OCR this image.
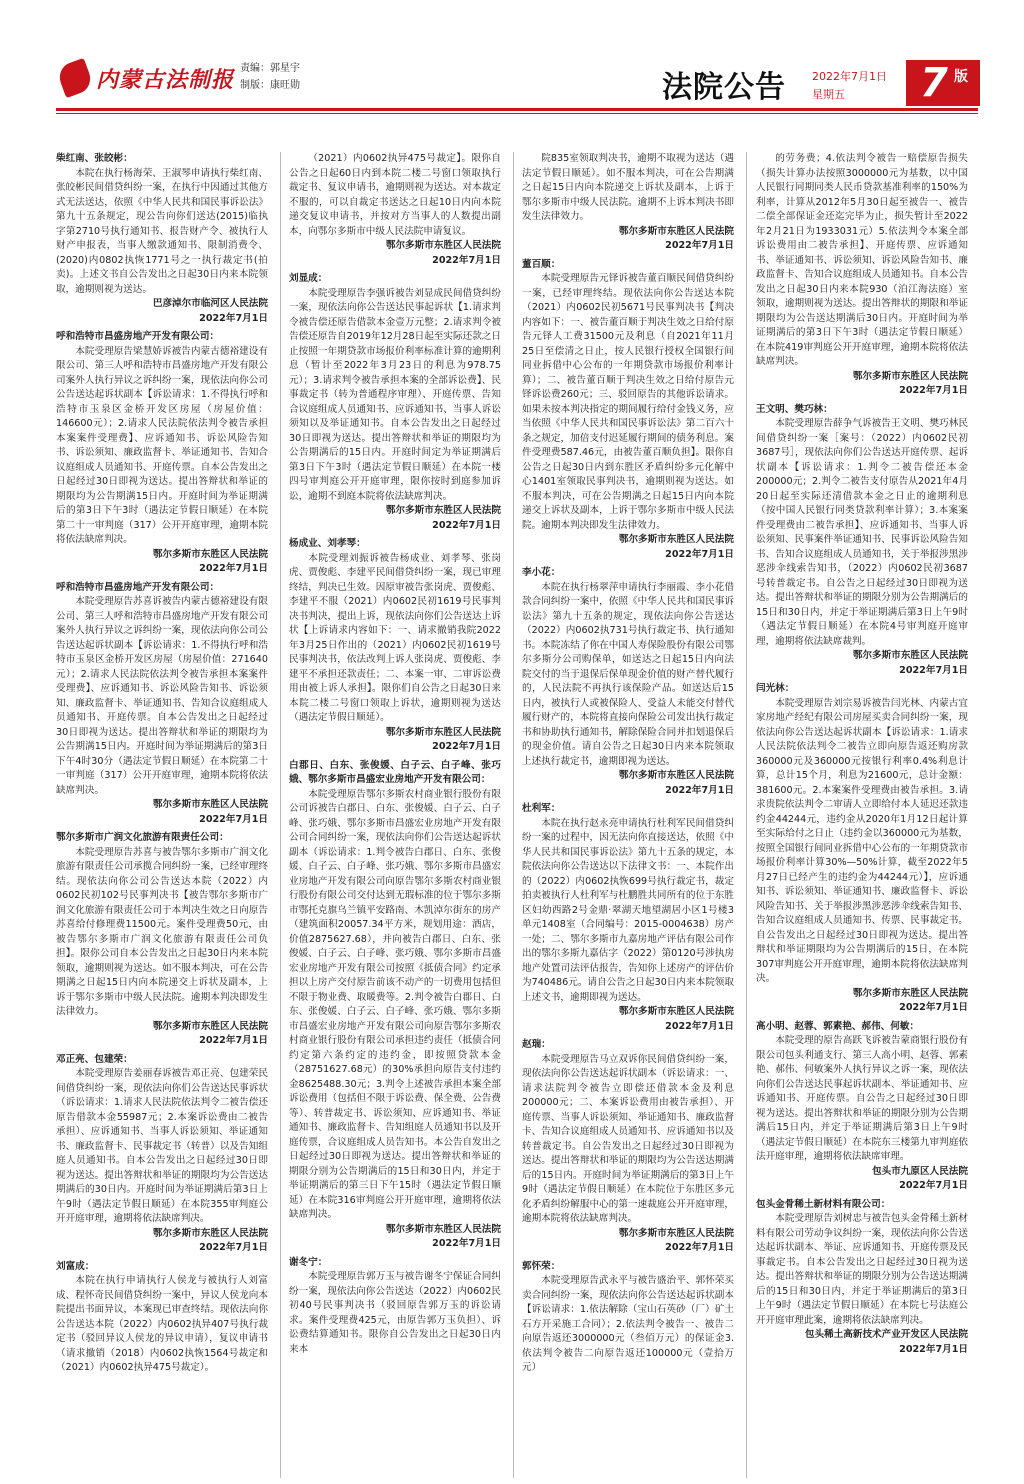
内蒙古法制报 责编：郭星宇
制版：康旺勋	法院公告 2022年7月1日
星期五	7 版
柴红南、张皎彬：
本院在执行杨海荣、王淑琴申请执行柴红南、张皎彬民间借贷纠纷一案，在执行中因通过其他方式无法送达，依照《中华人民共和国民事诉讼法》第九十五条规定，现公告向你们送达(2015)临执字第2710号执行通知书、报告财产令、被执行人财产申报表，当事人缴款通知书、限制消费令、(2020)内0802执恢1771号之一执行裁定书(拍卖)。上述文书自公告发出之日起30日内来本院领取，逾期则视为送达。
巴彦淖尔市临河区人民法院
2022年7月1日
呼和浩特市昌盛房地产开发有限公司：
本院受理原告梁慧娇诉被告内蒙古德裕建设有限公司、第三人呼和浩特市昌盛房地产开发有限公司案外人执行异议之诉纠纷一案，现依法向你公司公告送达起诉状副本【诉讼请求：1.不得执行呼和浩特市玉泉区金桥开发区房屋（房屋价值：146600元）；2.请求人民法院依法判令被告承担本案案件受理费】、应诉通知书、诉讼风险告知书、诉讼须知、廉政监督卡、举证通知书、告知合议庭组成人员通知书、开庭传票。自本公告发出之日起经过30日即视为送达。提出答辩状和举证的期限均为公告期满15日内。开庭时间为举证期满后的第3日下午3时（遇法定节假日顺延）在本院第二十一审判庭（317）公开开庭审理，逾期本院将依法缺席判决。
鄂尔多斯市东胜区人民法院
2022年7月1日
呼和浩特市昌盛房地产开发有限公司：
本院受理原告苏喜诉被告内蒙古德裕建设有限公司、第三人呼和浩特市昌盛房地产开发有限公司案外人执行异议之诉纠纷一案，现依法向你公司公告送达起诉状副本【诉讼请求：1.不得执行呼和浩特市玉泉区金桥开发区房屋（房屋价值：271640元）；2.请求人民法院依法判令被告承担本案案件受理费】、应诉通知书、诉讼风险告知书、诉讼须知、廉政监督卡、举证通知书、告知合议庭组成人员通知书、开庭传票。自本公告发出之日起经过30日即视为送达。提出答辩状和举证的期限均为公告期满15日内。开庭时间为举证期满后的第3日下午4时30分（遇法定节假日顺延）在本院第二十一审判庭（317）公开开庭审理，逾期本院将依法缺席判决。
鄂尔多斯市东胜区人民法院
2022年7月1日
鄂尔多斯市广润文化旅游有限责任公司：
本院受理原告苏喜与被告鄂尔多斯市广润文化旅游有限责任公司承揽合同纠纷一案，已经审理终结。现依法向你公司公告送达本院（2022）内0602民初102号民事判决书【被告鄂尔多斯市广润文化旅游有限责任公司于本判决生效之日向原告苏喜给付修理费11500元。案件受理费50元，由被告鄂尔多斯市广润文化旅游有限责任公司负担】。限你公司自本公告发出之日起30日内来本院领取，逾期则视为送达。如不服本判决，可在公告期满之日起15日内向本院递交上诉状及副本，上诉于鄂尔多斯市中级人民法院。逾期本判决即发生法律效力。
鄂尔多斯市东胜区人民法院
2022年7月1日
邓正亮、包建荣：
本院受理原告姜丽春诉被告邓正亮、包建荣民间借贷纠纷一案，现依法向你们公告送达民事诉状（诉讼请求：1.请求人民法院依法判令二被告偿还原告借款本金55987元；2.本案诉讼费由二被告承担）、应诉通知书、当事人诉讼须知、举证通知书、廉政监督卡、民事裁定书（转普）以及告知组庭人员通知书。自本公告发出之日起经过30日即视为送达。提出答辩状和举证的期限均为公告送达期满后的30日内。开庭时间为举证期满后第3日上午9时（遇法定节假日顺延）在本院355审判庭公开开庭审理，逾期将依法缺席判决。
鄂尔多斯市东胜区人民法院
2022年7月1日
刘富成：
本院在执行申请执行人侯龙与被执行人刘富成、程怀奇民间借贷纠纷一案中，异议人侯龙向本院提出书面异议，本案现已审查终结。现依法向你公告送达本院（2022）内0602执异407号执行裁定书（驳回异议人侯龙的异议申请），复议申请书（请求撤销（2018）内0602执恢1564号裁定和（2021）内0602执异475号裁定）。
（2021）内0602执异475号裁定】。限你自公告之日起60日内到本院二楼二号窗口领取执行裁定书、复议申请书，逾期则视为送达。对本裁定不服的，可以自裁定书送达之日起10日内向本院递交复议申请书，并按对方当事人的人数提出副本，向鄂尔多斯市中级人民法院申请复议。
鄂尔多斯市东胜区人民法院
2022年7月1日
刘显成：
本院受理原告李强诉被告刘显成民间借贷纠纷一案，现依法向你公告送达民事起诉状【1.请求判令被告偿还原告借款本金壹万元整；2.请求判令被告偿还原告自2019年12月28日起至实际还款之日止按照一年期贷款市场报价利率标准计算的逾期利息（暂计至2022年3月23日的利息为978.75元）；3.请求判令被告承担本案的全部诉讼费】、民事裁定书（转为普通程序审理）、开庭传票、告知合议庭组成人员通知书、应诉通知书、当事人诉讼须知以及举证通知书。自本公告发出之日起经过30日即视为送达。提出答辩状和举证的期限均为公告期满后的15日内。开庭时间定为举证期满后第3日下午3时（遇法定节假日顺延）在本院一楼四号审判庭公开开庭审理，限你按时到庭参加诉讼，逾期不到庭本院将依法缺席判决。
鄂尔多斯市东胜区人民法院
2022年7月1日
杨成业、刘孝琴：
本院受理刘振诉被告杨成业、刘孝琴、张岗虎、贾俊彪、李建平民间借贷纠纷一案，现已审理终结，判决已生效。因原审被告张岗虎、贾俊彪、李建平不服（2021）内0602民初1619号民事判决书判决，提出上诉，现依法向你们公告送达上诉状【上诉请求内容如下：一、请求撤销我院2022年3月25日作出的（2021）内0602民初1619号民事判决书，依法改判上诉人张岗虎、贾俊彪、李建平不承担还款责任；二、本案一审、二审诉讼费用由被上诉人承担】。限你们自公告之日起30日来本院二楼二号窗口领取上诉状，逾期则视为送达（遇法定节假日顺延）。
鄂尔多斯市东胜区人民法院
2022年7月1日
白郡日、白东、张俊媛、白子云、白子峰、张巧娥、鄂尔多斯市昌盛宏业房地产开发有限公司：
本院受理原告鄂尔多斯农村商业银行股份有限公司诉被告白郡日、白东、张俊媛、白子云、白子峰、张巧娥、鄂尔多斯市昌盛宏业房地产开发有限公司合同纠纷一案，现依法向你们公告送达起诉状副本（诉讼请求：1.判令被告白郡日、白东、张俊媛、白子云、白子峰、张巧娥、鄂尔多斯市昌盛宏业房地产开发有限公司向原告鄂尔多斯农村商业银行股份有限公司交付达到无瑕标准的位于鄂尔多斯市鄂托克旗乌兰镇平安路南、木凯淖尔街东的房产（建筑面积20057.34平方米，规划用途：酒店，价值2875627.68），并向被告白郡日、白东、张俊媛、白子云、白子峰、张巧娥、鄂尔多斯市昌盛宏业房地产开发有限公司按照《抵债合同》约定承担以上房产交付原告前该不动产的一切费用包括但不限于物业费、取暖费等。2.判令被告白郡日、白东、张俊媛、白子云、白子峰、张巧娥、鄂尔多斯市昌盛宏业房地产开发有限公司向原告鄂尔多斯农村商业银行股份有限公司承担违约责任（抵债合同约定第六条约定的违约金，即按照贷款本金（28751627.68元）的30%承担向原告支付违约金8625488.30元；3.判令上述被告承担本案全部诉讼费用（包括但不限于诉讼费、保全费、公告费等）、转普裁定书、诉讼须知、应诉通知书、举证通知书、廉政监督卡、告知组庭人员通知书以及开庭传票，合议庭组成人员告知书。本公告自发出之日起经过30日即视为送达。提出答辩状和举证的期限分别为公告期满后的15日和30日内，并定于举证期满后的第三日下午15时（遇法定节假日顺延）在本院316审判庭公开开庭审理，逾期将依法缺席判决。
鄂尔多斯市东胜区人民法院
2022年7月1日
谢冬宁：
本院受理原告郭万玉与被告谢冬宁保证合同纠纷一案，现依法向你公告送达（2022）内0602民初40号民事判决书（驳回原告郭万玉的诉讼请求。案件受理费425元，由原告郭万玉负担）、诉讼费结算通知书。限你自公告发出之日起30日内来本
院835室领取判决书，逾期不取视为送达（遇法定节假日顺延）。如不服本判决，可在公告期满之日起15日内向本院递交上诉状及副本，上诉于鄂尔多斯市中级人民法院。逾期不上诉本判决书即发生法律效力。
鄂尔多斯市东胜区人民法院
2022年7月1日
董百顺：
本院受理原告元铎诉被告董百顺民间借贷纠纷一案，已经审理终结。现依法向你公告送达本院（2021）内0602民初5671号民事判决书【判决内容如下：一、被告董百顺于判决生效之日给付原告元铎人工费31500元及利息（自2021年11月25日至偿清之日止，按人民银行授权全国银行间同业拆借中心公布的一年期贷款市场报价利率计算）；二、被告董百顺于判决生效之日给付原告元铎诉讼费260元；三、驳回原告的其他诉讼请求。如果未按本判决指定的期间履行给付金钱义务，应当依照《中华人民共和国民事诉讼法》第二百六十条之规定，加倍支付迟延履行期间的债务利息。案件受理费587.46元，由被告董百顺负担】。限你自公告之日起30日内到东胜区矛盾纠纷多元化解中心1401室领取民事判决书，逾期则视为送达。如不服本判决，可在公告期满之日起15日内向本院递交上诉状及副本，上诉于鄂尔多斯市中级人民法院。逾期本判决即发生法律效力。
鄂尔多斯市东胜区人民法院
2022年7月1日
李小花：
本院在执行杨翠萍申请执行李丽霞、李小花借款合同纠纷一案中，依照《中华人民共和国民事诉讼法》第九十五条的规定，现依法向你公告送达（2022）内0602执731号执行裁定书、执行通知书。本院冻结了你在中国人寿保险股份有限公司鄂尔多斯分公司购保单，如送达之日起15日内向法院交付的当于退保后保单现金价值的财产替代履行的，人民法院不再执行该保险产品。如送达后15日内，被执行人或被保险人、受益人未能交付替代履行财产的，本院将直接向保险公司发出执行裁定书和协助执行通知书，解除保险合同并扣划退保后的现金价值。请自公告之日起30日内来本院领取上述执行裁定书，逾期即视为送达。
鄂尔多斯市东胜区人民法院
2022年7月1日
杜利军：
本院在执行赵永亮申请执行杜利军民间借贷纠纷一案的过程中，因无法向你直接送达，依照《中华人民共和国民事诉讼法》第九十五条的规定，本院依法向你公告送达以下法律文书：一、本院作出的（2022）内0602执恢699号执行裁定书，裁定拍卖被执行人杜利军与杜鹏胜共同所有的位于东胜区妇幼西路2号金鼎·翠湖天地望湖居小区1号楼3单元1408室（合同编号：2015-0004638）房产一处；二、鄂尔多斯市九嘉房地产评估有限公司作出的鄂尔多斯九嘉估字（2022）第0120号涉执房地产处置司法评估报告，告知你上述房产的评估价为740486元。请自公告之日起30日内来本院领取上述文书，逾期即视为送达。
鄂尔多斯市东胜区人民法院
2022年7月1日
赵瑞：
本院受理原告马立双诉你民间借贷纠纷一案，现依法向你公告送达起诉状副本（诉讼请求：一、请求法院判令被告立即偿还借款本金及利息200000元；二、本案诉讼费用由被告承担）、开庭传票、当事人诉讼须知、举证通知书、廉政监督卡、告知合议庭组成人员通知书、应诉通知书以及转普裁定书。自公告发出之日起经过30日即视为送达。提出答辩状和举证的期限均为公告送达期满后的15日内。开庭时间为举证期满后的第3日上午9时（遇法定节假日顺延）在本院位于东胜区多元化矛盾纠纷解服中心的第一速裁庭公开开庭审理，逾期本院将依法缺席判决。
鄂尔多斯市东胜区人民法院
2022年7月1日
郭怀荣：
本院受理原告武永平与被告盛治平、郭怀荣买卖合同纠纷一案，现依法向你公告送达起诉状副本【诉讼请求：1.依法解除（宝山石英砂（厂）矿土石方开采施工合同）；2.依法判令被告一、被告二向原告返还3000000元（叁佰万元）的保证金3.依法判令被告二向原告返还100000元（壹拾万元）
的劳务费；4.依法判令被告一赔偿原告损失（损失计算办法按照3000000元为基数，以中国人民银行同期同类人民币贷款基准利率的150%为利率，计算从2012年5月30日起至被告一、被告二偿全部保证金还迄完毕为止，损失暂计至2022年2月21日为1933031元）5.依法判令本案全部诉讼费用由二被告承担】、开庭传票、应诉通知书、举证通知书、诉讼须知、诉讼风险告知书、廉政监督卡、告知合议庭组成人员通知书。自本公告发出之日起30日内来本院930（泊江海法庭）室领取，逾期则视为送达。提出答辩状的期限和举证期限均为公告送达期满后30日内。开庭时间为举证期满后的第3日下午3时（遇法定节假日顺延）在本院419审判庭公开开庭审理，逾期本院将依法缺席判决。
鄂尔多斯市东胜区人民法院
2022年7月1日
王文明、樊巧林：
本院受理原告薛争气诉被告王文明、樊巧林民间借贷纠纷一案［案号：（2022）内0602民初3687号］，现依法向你们公告送达开庭传票、起诉状副本【诉讼请求：1.判令二被告偿还本金200000元；2.判令二被告支付原告从2021年4月20日起至实际还清借款本金之日止的逾期利息（按中国人民银行同类贷款利率计算）；3.本案案件受理费由二被告承担】、应诉通知书、当事人诉讼须知、民事案件举证通知书、民事诉讼风险告知书、告知合议庭组成人员通知书，关于举报涉黑涉恶涉伞线索告知书，（2022）内0602民初3687号转普裁定书。自公告之日起经过30日即视为送达。提出答辩状和举证的期限分别为公告期满后的15日和30日内，并定于举证期满后第3日上午9时（遇法定节假日顺延）在本院4号审判庭开庭审理，逾期将依法缺席裁判。
鄂尔多斯市东胜区人民法院
2022年7月1日
闫光林：
本院受理原告刘宗易诉被告闫光林、内蒙古宜家房地产经纪有限公司房屋买卖合同纠纷一案，现依法向你公告送达起诉状副本【诉讼请求：1.请求人民法院依法判令二被告立即向原告返还购房款360000元及360000元按银行利率0.4%利息计算，总计15个月，利息为21600元，总计金额：381600元。2.本案案件受理费由被告承担。3.请求贵院依法判令二审请人立即给付本人延迟还款违约金44244元，违约金从2020年1月12日起计算至实际给付之日止（违约金以360000元为基数，按照全国银行间同业拆借中心公布的一年期贷款市场报价利率计算30%—50%计算，截至2022年5月27日已经产生的违约金为44244元）】，应诉通知书、诉讼须知、举证通知书、廉政监督卡、诉讼风险告知书、关于举报涉黑涉恶涉伞线索告知书、告知合议庭组成人员通知书、传票、民事裁定书。自公告发出之日起经过30日即视为送达。提出答辩状和举证期限均为公告期满后的15日，在本院307审判庭公开开庭审理，逾期本院将依法缺席判决。
鄂尔多斯市东胜区人民法院
2022年7月1日
高小明、赵蓉、郭素艳、郝伟、何敏：
本院受理的原告高跃飞诉被告蒙商银行股份有限公司包头利通支行、第三人高小明、赵蓉、郭素艳、郝伟、何敏案外人执行异议之诉一案，现依法向你们公告送达民事起诉状副本、举证通知书、应诉通知书、开庭传票。自公告之日起经过30日即视为送达。提出答辩状和举证的期限分别为公告期满后15日内，并定于举证期满后第3日上午9时（遇法定节假日顺延）在本院东三楼第九审判庭依法开庭审理，逾期将依法缺席审理。
包头市九原区人民法院
2022年7月1日
包头金骨稀土新材料有限公司：
本院受理原告刘树忠与被告包头金骨稀土新材料有限公司劳动争议纠纷一案，现依法向你公告送达起诉状副本、举证、应诉通知书、开庭传票及民事裁定书。自本公告发出之日起经过30日视为送达。提出答辩状和举证的期限分别为公告送达期满后的15日和30日内，并定于举证期满后的第3日上午9时（遇法定节假日顺延）在本院七号法庭公开开庭审理此案，逾期将依法缺席判决。
包头稀土高新技术产业开发区人民法院
2022年7月1日
